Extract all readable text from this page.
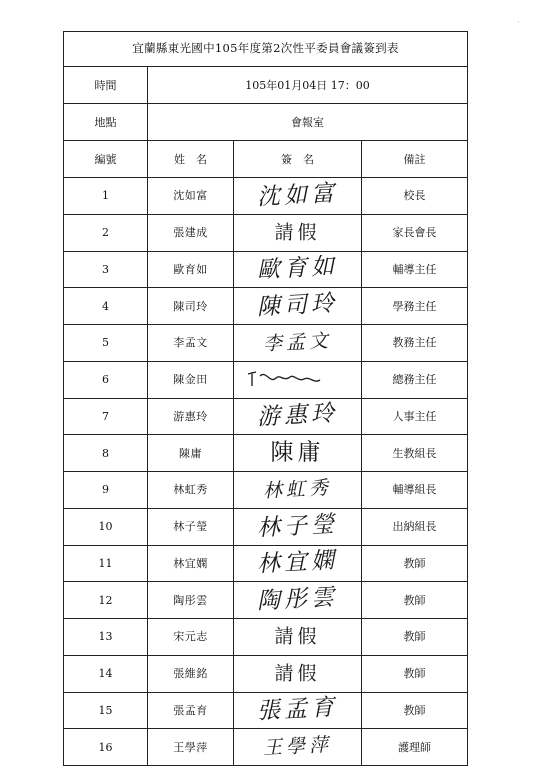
宜蘭縣東光國中105年度第2次性平委員會議簽到表			
時間	105年01月04日 17：00		
地點	會報室		
編號	姓　名	簽　名	備註
1	沈如富	沈如富	校長
2	張建成	請假	家長會長
3	歐育如	歐育如	輔導主任
4	陳司玲	陳司玲	學務主任
5	李孟文	李孟文	教務主任
6	陳金田		總務主任
7	游惠玲	游惠玲	人事主任
8	陳庸	陳庸	生教組長
9	林虹秀	林虹秀	輔導組長
10	林子瑩	林子瑩	出納組長
11	林宜嫻	林宜嫻	教師
12	陶彤雲	陶彤雲	教師
13	宋元志	請假	教師
14	張維銘	請假	教師
15	張孟育	張孟育	教師
16	王學萍	王學萍	護理師
·
